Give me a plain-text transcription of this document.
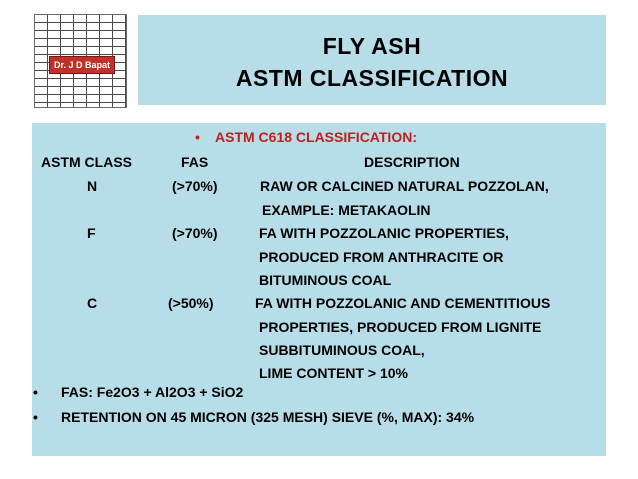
Dr. J D Bapat
FLY ASH
ASTM CLASSIFICATION
• ASTM C618 CLASSIFICATION:
ASTM CLASS	FAS	DESCRIPTION
N	(>70%)	RAW OR CALCINED NATURAL POZZOLAN,
EXAMPLE: METAKAOLIN
F	(>70%)	FA WITH POZZOLANIC PROPERTIES,
PRODUCED FROM ANTHRACITE OR
BITUMINOUS COAL
C	(>50%)	FA WITH POZZOLANIC AND CEMENTITIOUS
PROPERTIES, PRODUCED FROM LIGNITE
SUBBITUMINOUS COAL,
LIME CONTENT > 10%
• FAS: Fe2O3 + Al2O3 + SiO2
• RETENTION ON 45 MICRON (325 MESH) SIEVE (%, MAX): 34%
